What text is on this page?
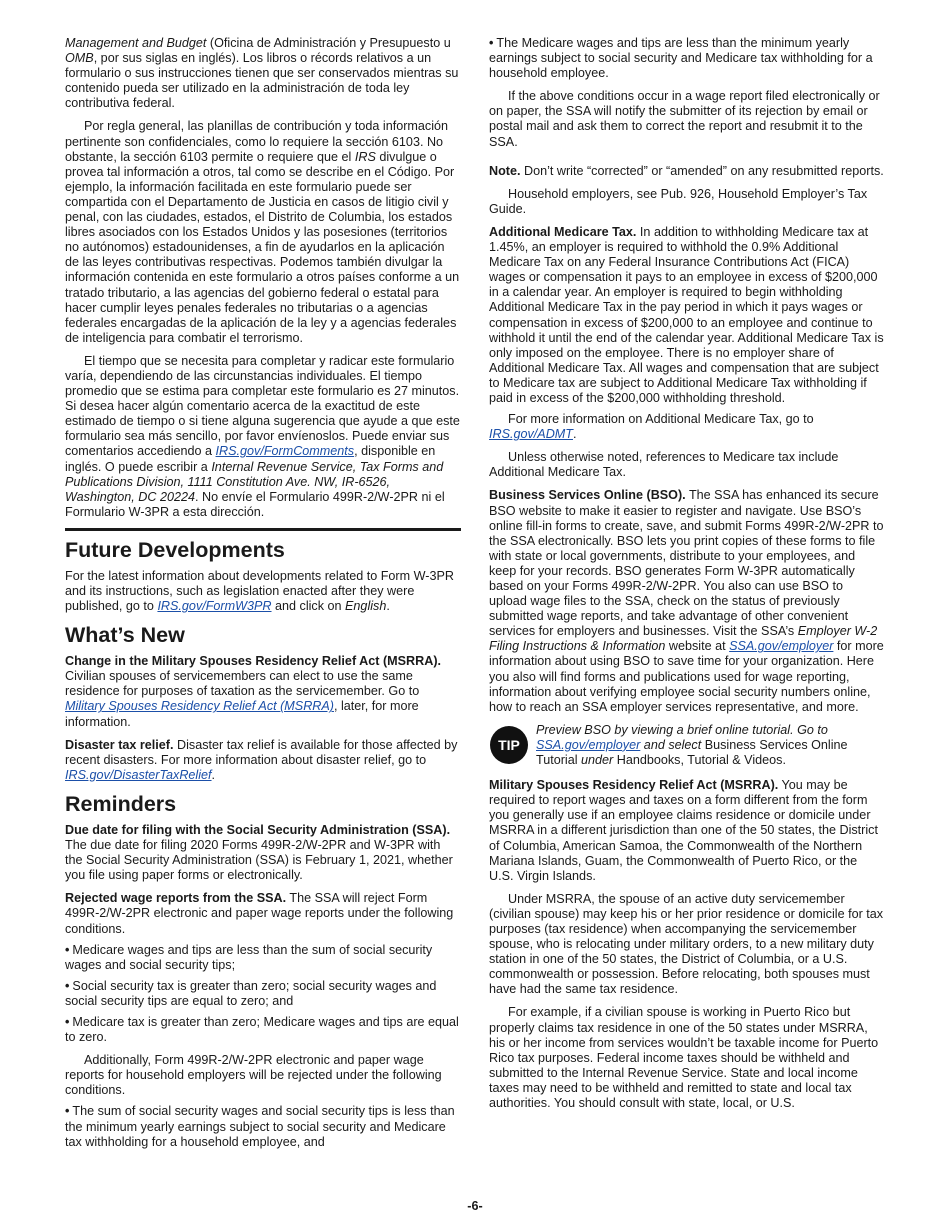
Management and Budget (Oficina de Administración y Presupuesto u OMB, por sus siglas en inglés). Los libros o récords relativos a un formulario o sus instrucciones tienen que ser conservados mientras su contenido pueda ser utilizado en la administración de toda ley contributiva federal.

Por regla general, las planillas de contribución y toda información pertinente son confidenciales, como lo requiere la sección 6103. No obstante, la sección 6103 permite o requiere que el IRS divulgue o provea tal información a otros, tal como se describe en el Código. Por ejemplo, la información facilitada en este formulario puede ser compartida con el Departamento de Justicia en casos de litigio civil y penal, con las ciudades, estados, el Distrito de Columbia, los estados libres asociados con los Estados Unidos y las posesiones (territorios no autónomos) estadounidenses, a fin de ayudarlos en la aplicación de las leyes contributivas respectivas. Podemos también divulgar la información contenida en este formulario a otros países conforme a un tratado tributario, a las agencias del gobierno federal o estatal para hacer cumplir leyes penales federales no tributarias o a agencias federales encargadas de la aplicación de la ley y a agencias federales de inteligencia para combatir el terrorismo.

El tiempo que se necesita para completar y radicar este formulario varía, dependiendo de las circunstancias individuales. El tiempo promedio que se estima para completar este formulario es 27 minutos. Si desea hacer algún comentario acerca de la exactitud de este estimado de tiempo o si tiene alguna sugerencia que ayude a que este formulario sea más sencillo, por favor envíenoslos. Puede enviar sus comentarios accediendo a IRS.gov/FormComments, disponible en inglés. O puede escribir a Internal Revenue Service, Tax Forms and Publications Division, 1111 Constitution Ave. NW, IR-6526, Washington, DC 20224. No envíe el Formulario 499R-2/W-2PR ni el Formulario W-3PR a esta dirección.

Future Developments

For the latest information about developments related to Form W-3PR and its instructions, such as legislation enacted after they were published, go to IRS.gov/FormW3PR and click on English.

What’s New

Change in the Military Spouses Residency Relief Act (MSRRA). Civilian spouses of servicemembers can elect to use the same residence for purposes of taxation as the servicemember. Go to Military Spouses Residency Relief Act (MSRRA), later, for more information.

Disaster tax relief. Disaster tax relief is available for those affected by recent disasters. For more information about disaster relief, go to IRS.gov/DisasterTaxRelief.

Reminders

Due date for filing with the Social Security Administration (SSA). The due date for filing 2020 Forms 499R-2/W-2PR and W-3PR with the Social Security Administration (SSA) is February 1, 2021, whether you file using paper forms or electronically.

Rejected wage reports from the SSA. The SSA will reject Form 499R-2/W-2PR electronic and paper wage reports under the following conditions.

• Medicare wages and tips are less than the sum of social security wages and social security tips;

• Social security tax is greater than zero; social security wages and social security tips are equal to zero; and

• Medicare tax is greater than zero; Medicare wages and tips are equal to zero.

Additionally, Form 499R-2/W-2PR electronic and paper wage reports for household employers will be rejected under the following conditions.

• The sum of social security wages and social security tips is less than the minimum yearly earnings subject to social security and Medicare tax withholding for a household employee, and

• The Medicare wages and tips are less than the minimum yearly earnings subject to social security and Medicare tax withholding for a household employee.

If the above conditions occur in a wage report filed electronically or on paper, the SSA will notify the submitter of its rejection by email or postal mail and ask them to correct the report and resubmit it to the SSA.

Note. Don’t write “corrected” or “amended” on any resubmitted reports.

Household employers, see Pub. 926, Household Employer’s Tax Guide.

Additional Medicare Tax. In addition to withholding Medicare tax at 1.45%, an employer is required to withhold the 0.9% Additional Medicare Tax on any Federal Insurance Contributions Act (FICA) wages or compensation it pays to an employee in excess of $200,000 in a calendar year. An employer is required to begin withholding Additional Medicare Tax in the pay period in which it pays wages or compensation in excess of $200,000 to an employee and continue to withhold it until the end of the calendar year. Additional Medicare Tax is only imposed on the employee. There is no employer share of Additional Medicare Tax. All wages and compensation that are subject to Medicare tax are subject to Additional Medicare Tax withholding if paid in excess of the $200,000 withholding threshold.

For more information on Additional Medicare Tax, go to IRS.gov/ADMT.

Unless otherwise noted, references to Medicare tax include Additional Medicare Tax.

Business Services Online (BSO). The SSA has enhanced its secure BSO website to make it easier to register and navigate. Use BSO’s online fill-in forms to create, save, and submit Forms 499R-2/W-2PR to the SSA electronically. BSO lets you print copies of these forms to file with state or local governments, distribute to your employees, and keep for your records. BSO generates Form W-3PR automatically based on your Forms 499R-2/W-2PR. You also can use BSO to upload wage files to the SSA, check on the status of previously submitted wage reports, and take advantage of other convenient services for employers and businesses. Visit the SSA’s Employer W-2 Filing Instructions & Information website at SSA.gov/employer for more information about using BSO to save time for your organization. Here you also will find forms and publications used for wage reporting, information about verifying employee social security numbers online, how to reach an SSA employer services representative, and more.

TIP
Preview BSO by viewing a brief online tutorial. Go to SSA.gov/employer and select Business Services Online Tutorial under Handbooks, Tutorial & Videos.

Military Spouses Residency Relief Act (MSRRA). You may be required to report wages and taxes on a form different from the form you generally use if an employee claims residence or domicile under MSRRA in a different jurisdiction than one of the 50 states, the District of Columbia, American Samoa, the Commonwealth of the Northern Mariana Islands, Guam, the Commonwealth of Puerto Rico, or the U.S. Virgin Islands.

Under MSRRA, the spouse of an active duty servicemember (civilian spouse) may keep his or her prior residence or domicile for tax purposes (tax residence) when accompanying the servicemember spouse, who is relocating under military orders, to a new military duty station in one of the 50 states, the District of Columbia, or a U.S. commonwealth or possession. Before relocating, both spouses must have had the same tax residence.

For example, if a civilian spouse is working in Puerto Rico but properly claims tax residence in one of the 50 states under MSRRA, his or her income from services wouldn’t be taxable income for Puerto Rico tax purposes. Federal income taxes should be withheld and submitted to the Internal Revenue Service. State and local income taxes may need to be withheld and remitted to state and local tax authorities. You should consult with state, local, or U.S.

-6-
